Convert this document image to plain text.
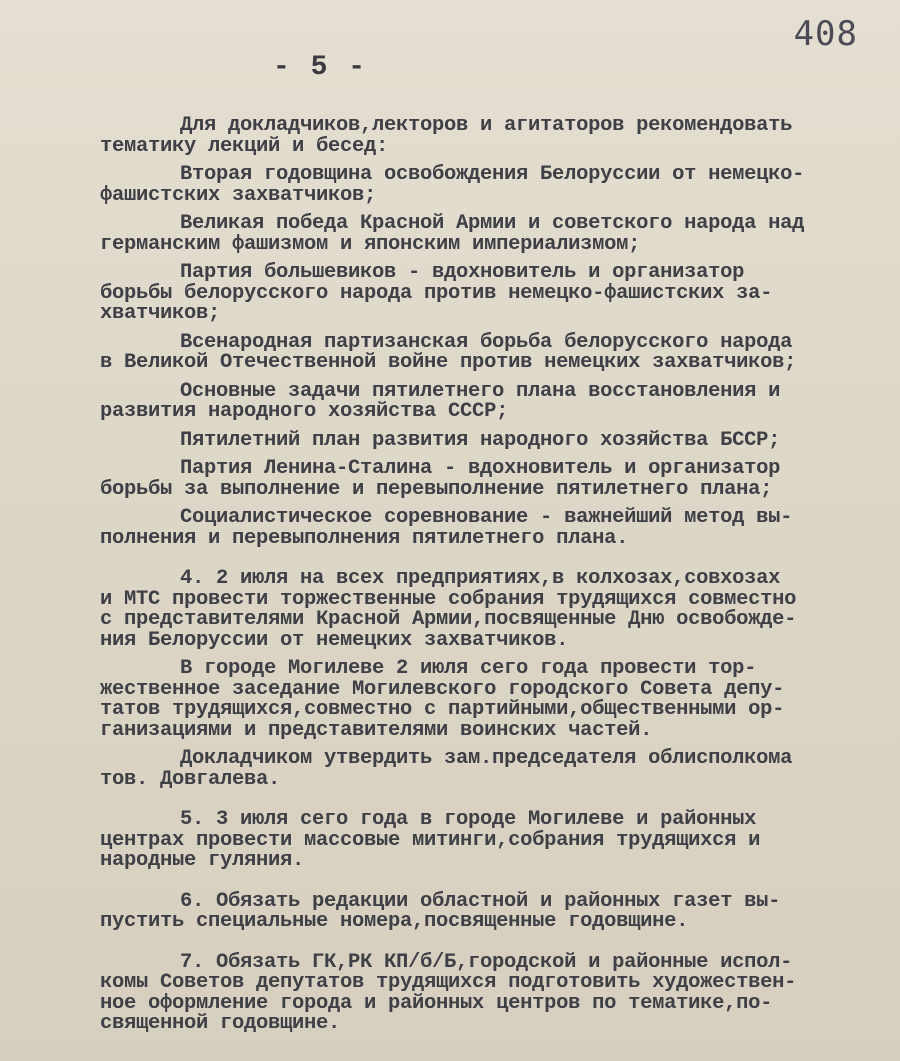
408
- 5 -
Для докладчиков,лекторов и агитаторов рекомендовать
тематику лекций и бесед:
Вторая годовщина освобождения Белоруссии от немецко-
фашистских захватчиков;
Великая победа Красной Армии и советского народа над
германским фашизмом и японским империализмом;
Партия большевиков - вдохновитель и организатор
борьбы белорусского народа против немецко-фашистских за-
хватчиков;
Всенародная партизанская борьба белорусского народа
в Великой Отечественной войне против немецких захватчиков;
Основные задачи пятилетнего плана восстановления и
развития народного хозяйства СССР;
Пятилетний план развития народного хозяйства БССР;
Партия Ленина-Сталина - вдохновитель и организатор
борьбы за выполнение и перевыполнение пятилетнего плана;
Социалистическое соревнование - важнейший метод вы-
полнения и перевыполнения пятилетнего плана.
4. 2 июля на всех предприятиях,в колхозах,совхозах
и МТС провести торжественные собрания трудящихся совместно
с представителями Красной Армии,посвященные Дню освобожде-
ния Белоруссии от немецких захватчиков.
В городе Могилеве 2 июля сего года провести тор-
жественное заседание Могилевского городского Совета депу-
татов трудящихся,совместно с партийными,общественными ор-
ганизациями и представителями воинских частей.
Докладчиком утвердить зам.председателя облисполкома
тов. Довгалева.
5. 3 июля сего года в городе Могилеве и районных
центрах провести массовые митинги,собрания трудящихся и
народные гуляния.
6. Обязать редакции областной и районных газет вы-
пустить специальные номера,посвященные годовщине.
7. Обязать ГК,РК КП/б/Б,городской и районные испол-
комы Советов депутатов трудящихся подготовить художествен-
ное оформление города и районных центров по тематике,по-
священной годовщине.
